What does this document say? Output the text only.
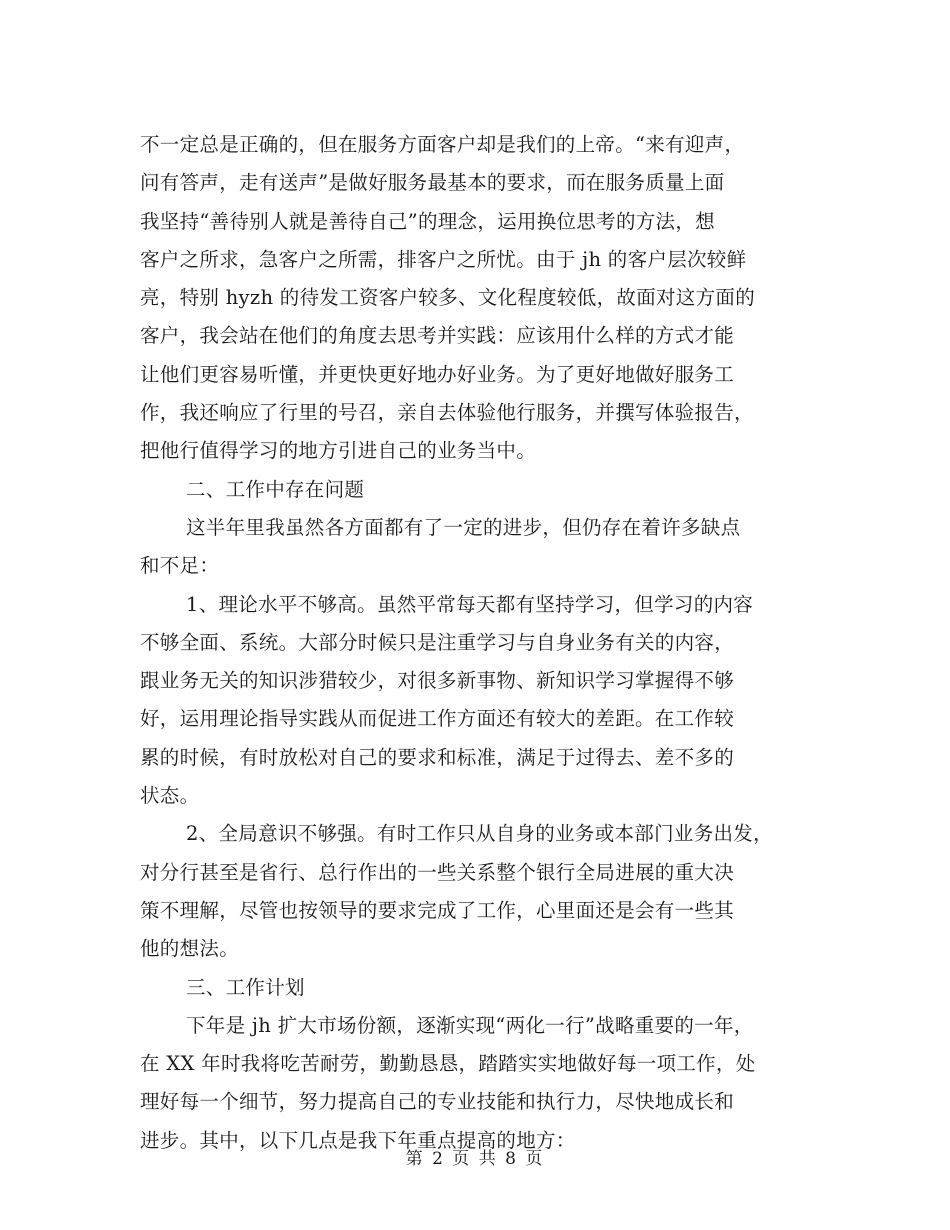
不一定总是正确的，但在服务方面客户却是我们的上帝。“来有迎声，
问有答声，走有送声”是做好服务最基本的要求，而在服务质量上面
我坚持“善待别人就是善待自己”的理念，运用换位思考的方法，想
客户之所求，急客户之所需，排客户之所忧。由于 jh 的客户层次较鲜
亮，特别 hyzh 的待发工资客户较多、文化程度较低，故面对这方面的
客户，我会站在他们的角度去思考并实践：应该用什么样的方式才能
让他们更容易听懂，并更快更好地办好业务。为了更好地做好服务工
作，我还响应了行里的号召，亲自去体验他行服务，并撰写体验报告，
把他行值得学习的地方引进自己的业务当中。
二、工作中存在问题
这半年里我虽然各方面都有了一定的进步，但仍存在着许多缺点
和不足：
1、理论水平不够高。虽然平常每天都有坚持学习，但学习的内容
不够全面、系统。大部分时候只是注重学习与自身业务有关的内容，
跟业务无关的知识涉猎较少，对很多新事物、新知识学习掌握得不够
好，运用理论指导实践从而促进工作方面还有较大的差距。在工作较
累的时候，有时放松对自己的要求和标准，满足于过得去、差不多的
状态。
2、全局意识不够强。有时工作只从自身的业务或本部门业务出发，
对分行甚至是省行、总行作出的一些关系整个银行全局进展的重大决
策不理解，尽管也按领导的要求完成了工作，心里面还是会有一些其
他的想法。
三、工作计划
下年是 jh 扩大市场份额，逐渐实现“两化一行”战略重要的一年，
在 XX 年时我将吃苦耐劳，勤勤恳恳，踏踏实实地做好每一项工作，处
理好每一个细节，努力提高自己的专业技能和执行力，尽快地成长和
进步。其中，以下几点是我下年重点提高的地方：
第 2 页 共 8 页
